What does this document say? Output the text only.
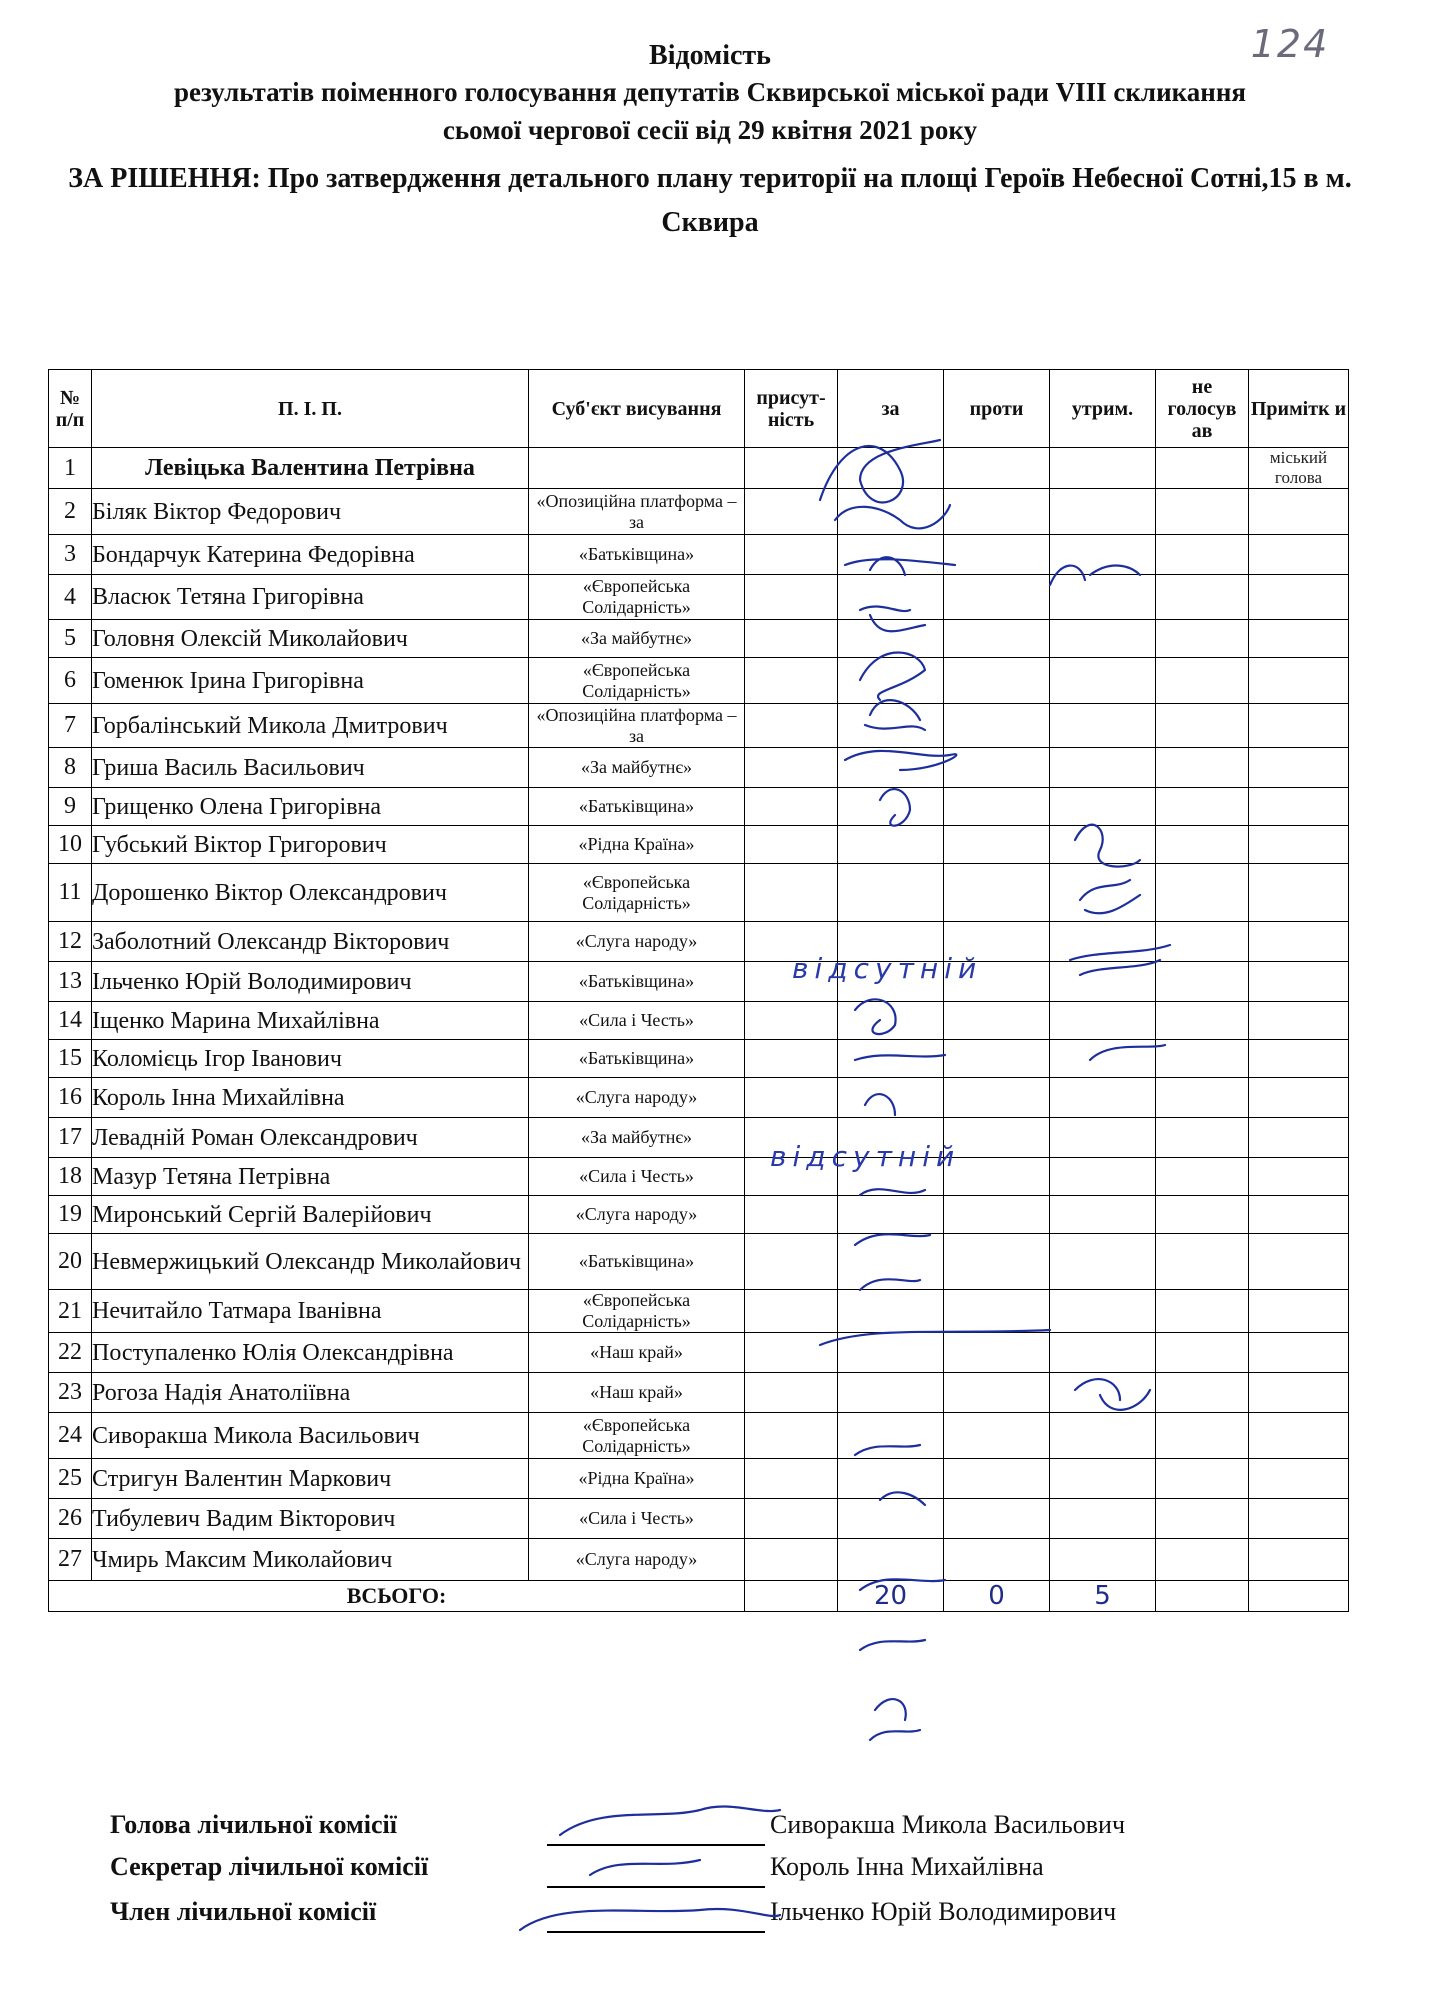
124
Відомість
результатів поіменного голосування депутатів Сквирської міської ради VIII скликання
сьомої чергової сесії від 29 квітня 2021 року
ЗА РІШЕННЯ: Про затвердження детального плану території на площі Героїв Небесної Сотні,15 в м. Сквира
№ п/п	П. І. П.	Суб'єкт висування	присут-ність	за	проти	утрим.	не голосув ав	Примітк и
1	Левіцька Валентина Петрівна							міський голова
2	Біляк Віктор Федорович	«Опозиційна платформа – за						
3	Бондарчук Катерина Федорівна	«Батьківщина»						
4	Власюк Тетяна Григорівна	«Європейська Солідарність»						
5	Головня Олексій Миколайович	«За майбутнє»						
6	Гоменюк Ірина Григорівна	«Європейська Солідарність»						
7	Горбалінський Микола Дмитрович	«Опозиційна платформа – за						
8	Гриша Василь Васильович	«За майбутнє»						
9	Грищенко Олена Григорівна	«Батьківщина»						
10	Губський Віктор Григорович	«Рідна Країна»						
11	Дорошенко Віктор Олександрович	«Європейська Солідарність»						
12	Заболотний Олександр Вікторович	«Слуга народу»						
13	Ільченко Юрій Володимирович	«Батьківщина»						
14	Іщенко Марина Михайлівна	«Сила і Честь»						
15	Коломієць Ігор Іванович	«Батьківщина»						
16	Король Інна Михайлівна	«Слуга народу»						
17	Левадній Роман Олександрович	«За майбутнє»						
18	Мазур Тетяна Петрівна	«Сила і Честь»						
19	Миронський Сергій Валерійович	«Слуга народу»						
20	Невмержицький Олександр Миколайович	«Батьківщина»						
21	Нечитайло Татмара Іванівна	«Європейська Солідарність»						
22	Поступаленко Юлія Олександрівна	«Наш край»						
23	Рогоза Надія Анатоліївна	«Наш край»						
24	Сиворакша Микола Васильович	«Європейська Солідарність»						
25	Стригун Валентин Маркович	«Рідна Країна»						
26	Тибулевич Вадим Вікторович	«Сила і Честь»						
27	Чмирь Максим Миколайович	«Слуга народу»						
ВСЬОГО:				20	0	5		
Голова лічильної комісії	Сиворакша Микола Васильович
Секретар лічильної комісії	Король Інна Михайлівна
Член лічильної комісії	Ільченко Юрій Володимирович
відсутній
відсутній
